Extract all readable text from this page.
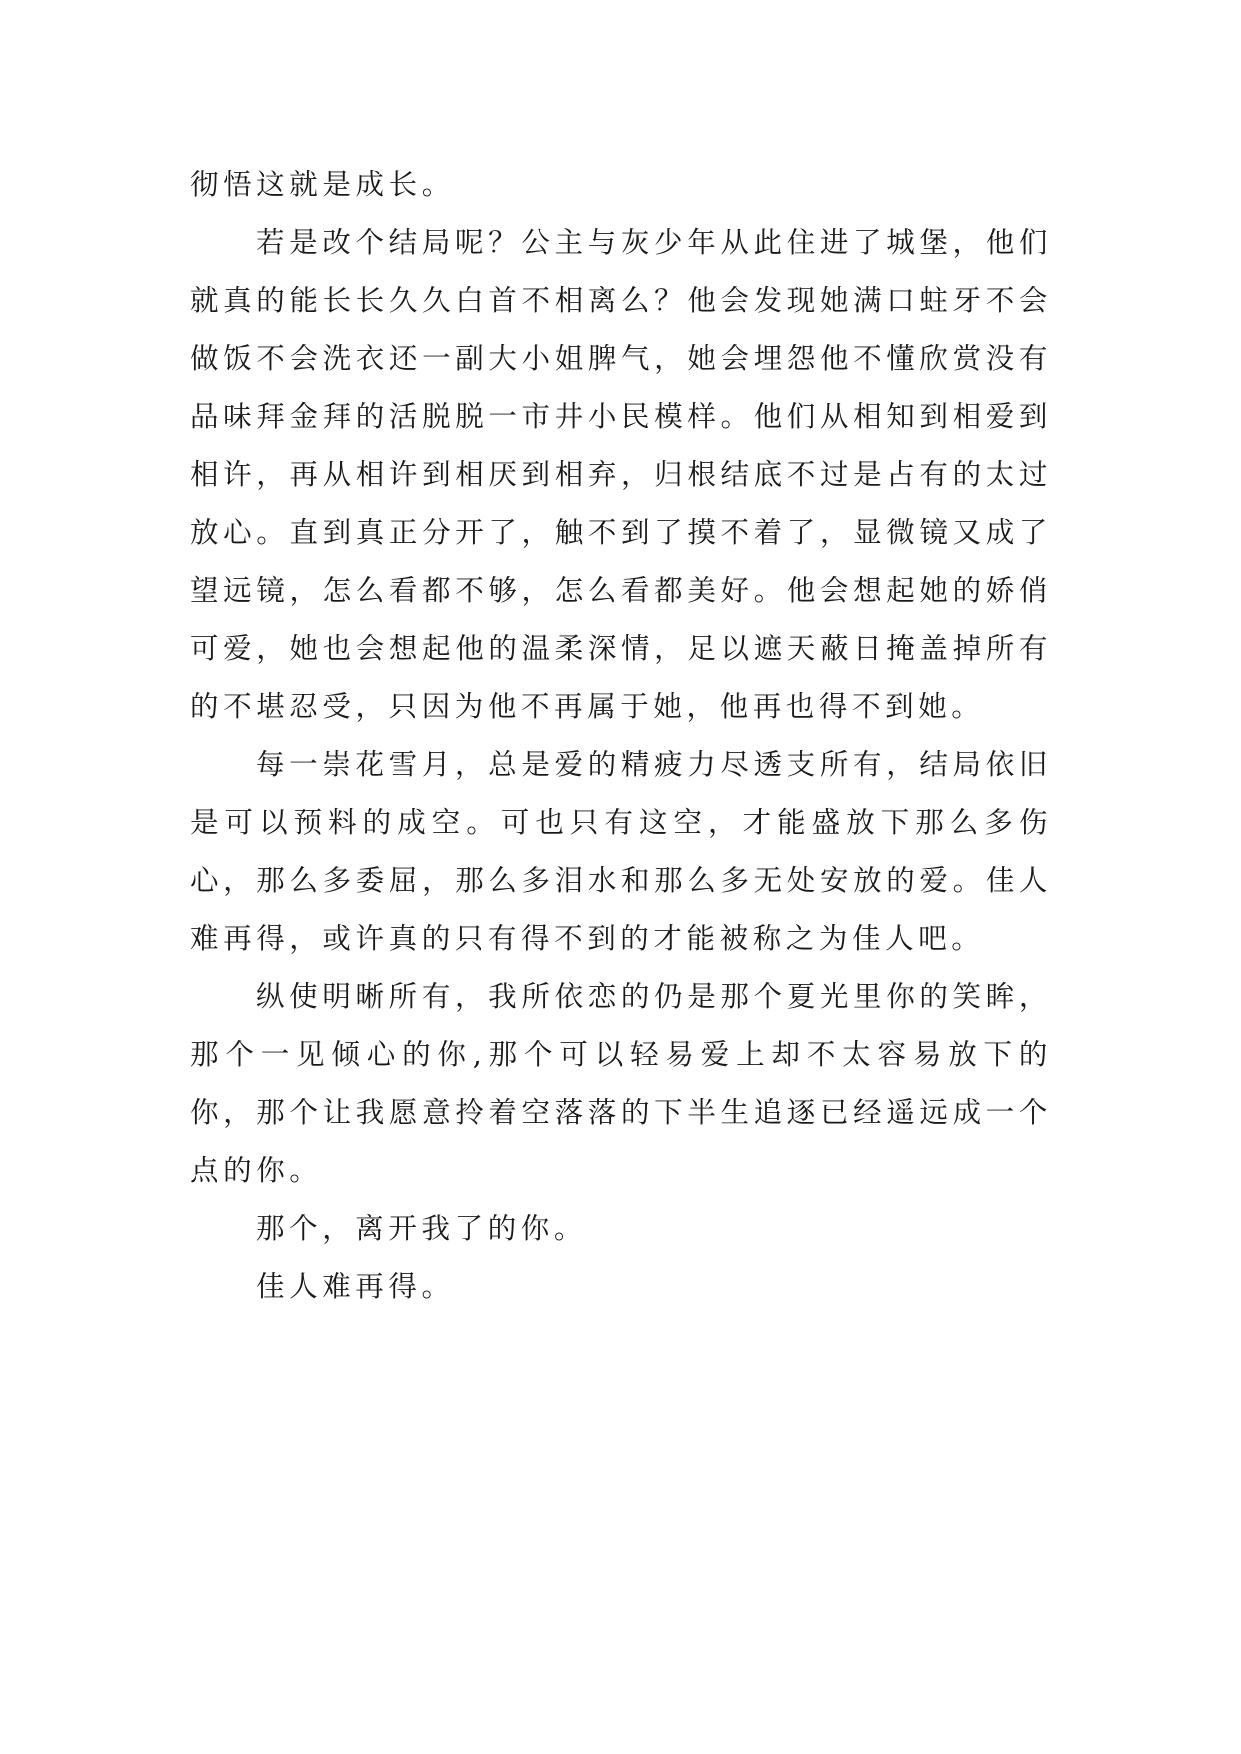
彻悟这就是成长。

若是改个结局呢？公主与灰少年从此住进了城堡，他们就真的能长长久久白首不相离么？他会发现她满口蛀牙不会做饭不会洗衣还一副大小姐脾气，她会埋怨他不懂欣赏没有品味拜金拜的活脱脱一市井小民模样。他们从相知到相爱到相许，再从相许到相厌到相弃，归根结底不过是占有的太过放心。直到真正分开了，触不到了摸不着了，显微镜又成了望远镜，怎么看都不够，怎么看都美好。他会想起她的娇俏可爱，她也会想起他的温柔深情，足以遮天蔽日掩盖掉所有的不堪忍受，只因为他不再属于她，他再也得不到她。

每一崇花雪月，总是爱的精疲力尽透支所有，结局依旧是可以预料的成空。可也只有这空，才能盛放下那么多伤心，那么多委屈，那么多泪水和那么多无处安放的爱。佳人难再得，或许真的只有得不到的才能被称之为佳人吧。

纵使明晰所有，我所依恋的仍是那个夏光里你的笑眸，那个一见倾心的你,那个可以轻易爱上却不太容易放下的你，那个让我愿意拎着空落落的下半生追逐已经遥远成一个点的你。

那个，离开我了的你。

佳人难再得。
